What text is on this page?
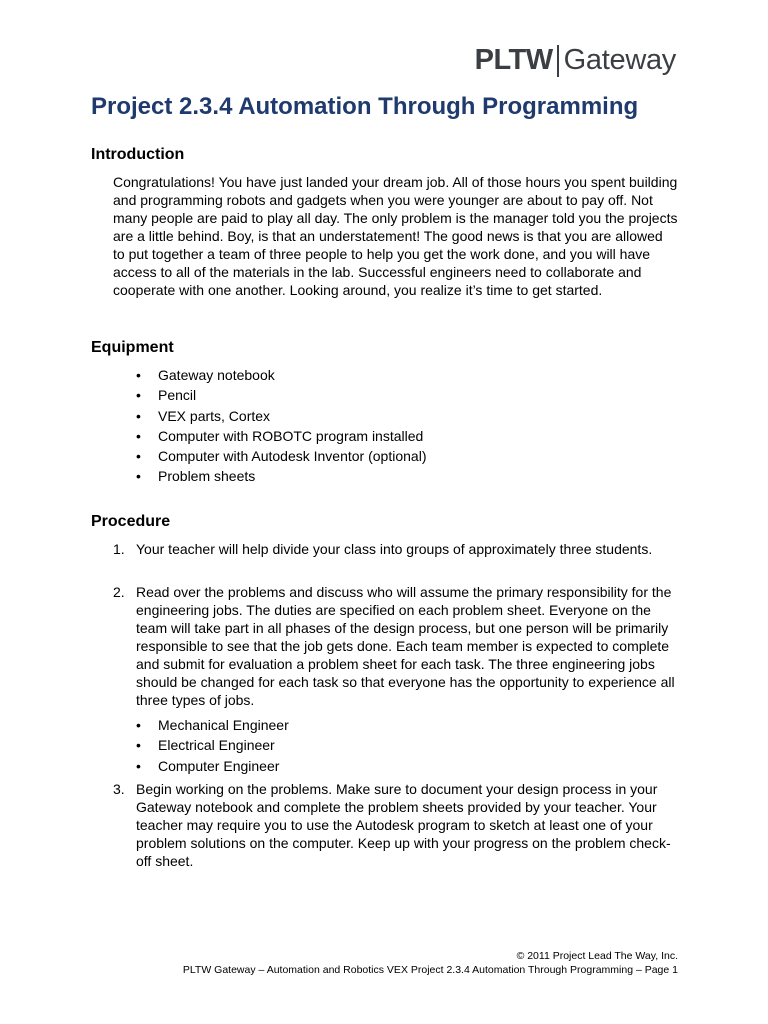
PLTW Gateway
Project 2.3.4 Automation Through Programming
Introduction

Congratulations! You have just landed your dream job. All of those hours you spent building and programming robots and gadgets when you were younger are about to pay off. Not many people are paid to play all day. The only problem is the manager told you the projects are a little behind. Boy, is that an understatement! The good news is that you are allowed to put together a team of three people to help you get the work done, and you will have access to all of the materials in the lab. Successful engineers need to collaborate and cooperate with one another. Looking around, you realize it’s time to get started.

Equipment
• Gateway notebook
• Pencil
• VEX parts, Cortex
• Computer with ROBOTC program installed
• Computer with Autodesk Inventor (optional)
• Problem sheets
Procedure
1. Your teacher will help divide your class into groups of approximately three students.
2. Read over the problems and discuss who will assume the primary responsibility for the engineering jobs. The duties are specified on each problem sheet. Everyone on the team will take part in all phases of the design process, but one person will be primarily responsible to see that the job gets done. Each team member is expected to complete and submit for evaluation a problem sheet for each task. The three engineering jobs should be changed for each task so that everyone has the opportunity to experience all three types of jobs.
• Mechanical Engineer
• Electrical Engineer
• Computer Engineer
3. Begin working on the problems. Make sure to document your design process in your Gateway notebook and complete the problem sheets provided by your teacher. Your teacher may require you to use the Autodesk program to sketch at least one of your problem solutions on the computer. Keep up with your progress on the problem check-off sheet.
© 2011 Project Lead The Way, Inc.
PLTW Gateway – Automation and Robotics VEX Project 2.3.4 Automation Through Programming – Page 1
